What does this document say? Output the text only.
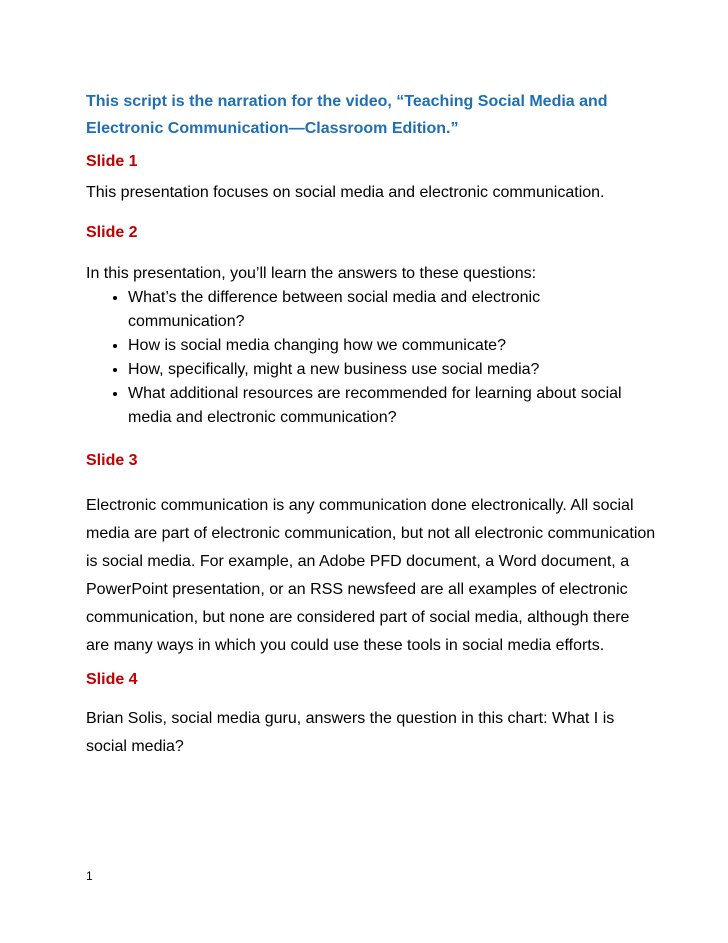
This script is the narration for the video, “Teaching Social Media and Electronic Communication—Classroom Edition.”

Slide 1

This presentation focuses on social media and electronic communication.

Slide 2

In this presentation, you’ll learn the answers to these questions:

• What’s the difference between social media and electronic communication?
• How is social media changing how we communicate?
• How, specifically, might a new business use social media?
• What additional resources are recommended for learning about social media and electronic communication?
Slide 3

Electronic communication is any communication done electronically. All social media are part of electronic communication, but not all electronic communication is social media. For example, an Adobe PFD document, a Word document, a PowerPoint presentation, or an RSS newsfeed are all examples of electronic communication, but none are considered part of social media, although there are many ways in which you could use these tools in social media efforts.

Slide 4

Brian Solis, social media guru, answers the question in this chart: What I is social media?

1
